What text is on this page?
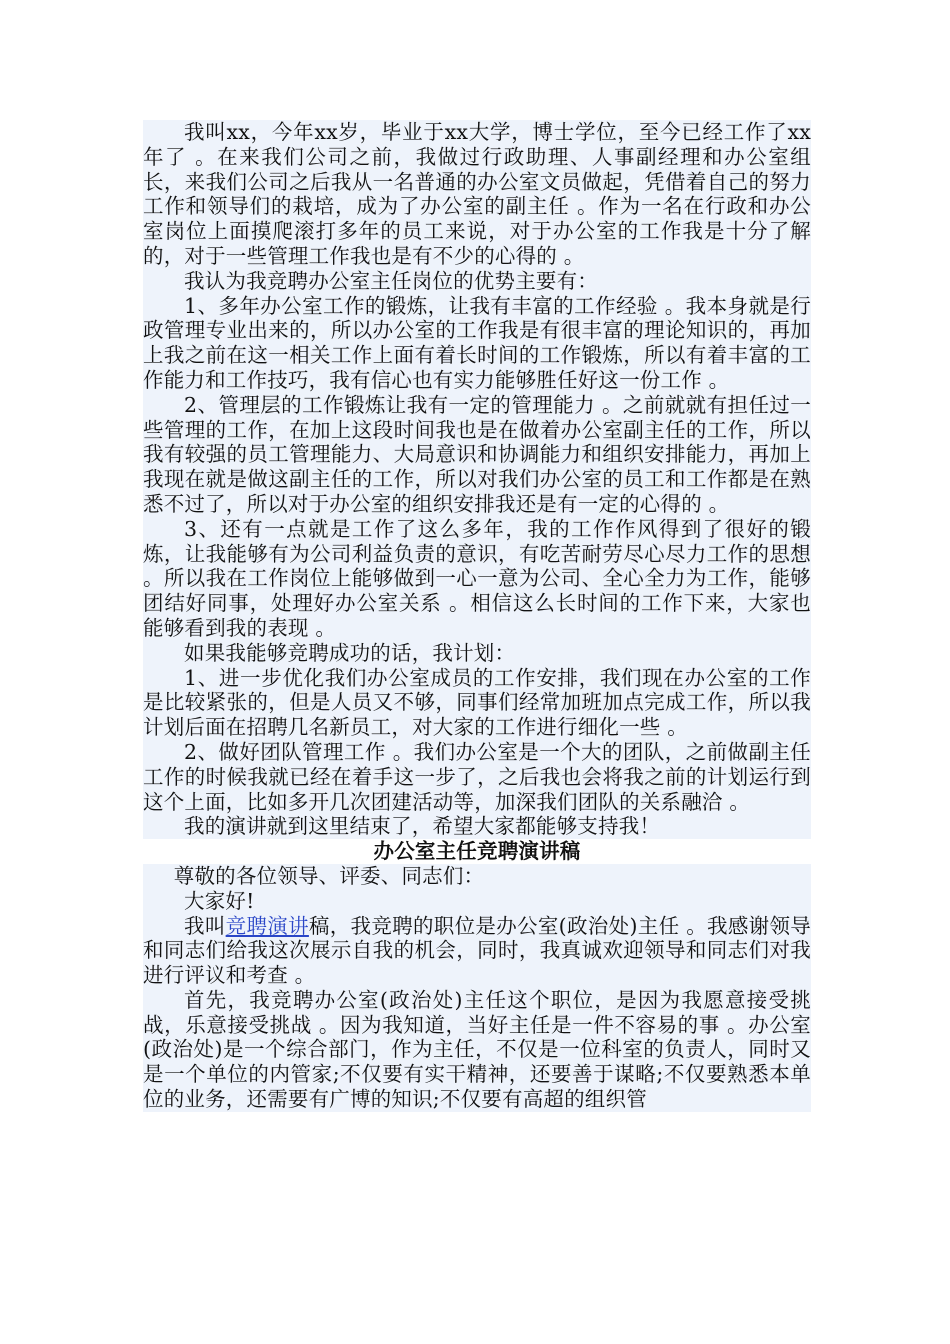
我叫xx，今年xx岁，毕业于xx大学，博士学位，至今已经工作了xx年了 。在来我们公司之前，我做过行政助理、人事副经理和办公室组长，来我们公司之后我从一名普通的办公室文员做起，凭借着自己的努力工作和领导们的栽培，成为了办公室的副主任 。作为一名在行政和办公室岗位上面摸爬滚打多年的员工来说，对于办公室的工作我是十分了解的，对于一些管理工作我也是有不少的心得的 。

我认为我竞聘办公室主任岗位的优势主要有：

1、多年办公室工作的锻炼，让我有丰富的工作经验 。我本身就是行政管理专业出来的，所以办公室的工作我是有很丰富的理论知识的，再加上我之前在这一相关工作上面有着长时间的工作锻炼，所以有着丰富的工作能力和工作技巧，我有信心也有实力能够胜任好这一份工作 。

2、管理层的工作锻炼让我有一定的管理能力 。之前就就有担任过一些管理的工作，在加上这段时间我也是在做着办公室副主任的工作，所以我有较强的员工管理能力、大局意识和协调能力和组织安排能力，再加上我现在就是做这副主任的工作，所以对我们办公室的员工和工作都是在熟悉不过了，所以对于办公室的组织安排我还是有一定的心得的 。

3、还有一点就是工作了这么多年，我的工作作风得到了很好的锻炼，让我能够有为公司利益负责的意识，有吃苦耐劳尽心尽力工作的思想 。所以我在工作岗位上能够做到一心一意为公司、全心全力为工作，能够团结好同事，处理好办公室关系 。相信这么长时间的工作下来，大家也能够看到我的表现 。

如果我能够竞聘成功的话，我计划：

1、进一步优化我们办公室成员的工作安排，我们现在办公室的工作是比较紧张的，但是人员又不够，同事们经常加班加点完成工作，所以我计划后面在招聘几名新员工，对大家的工作进行细化一些 。

2、做好团队管理工作 。我们办公室是一个大的团队，之前做副主任工作的时候我就已经在着手这一步了，之后我也会将我之前的计划运行到这个上面，比如多开几次团建活动等，加深我们团队的关系融洽 。

我的演讲就到这里结束了，希望大家都能够支持我！

办公室主任竞聘演讲稿

尊敬的各位领导、评委、同志们：

大家好!

我叫竞聘演讲稿，我竞聘的职位是办公室(政治处)主任 。我感谢领导和同志们给我这次展示自我的机会，同时，我真诚欢迎领导和同志们对我进行评议和考查 。

首先，我竞聘办公室(政治处)主任这个职位，是因为我愿意接受挑战，乐意接受挑战 。因为我知道，当好主任是一件不容易的事 。办公室(政治处)是一个综合部门，作为主任，不仅是一位科室的负责人，同时又是一个单位的内管家;不仅要有实干精神，还要善于谋略;不仅要熟悉本单位的业务，还需要有广博的知识;不仅要有高超的组织管
